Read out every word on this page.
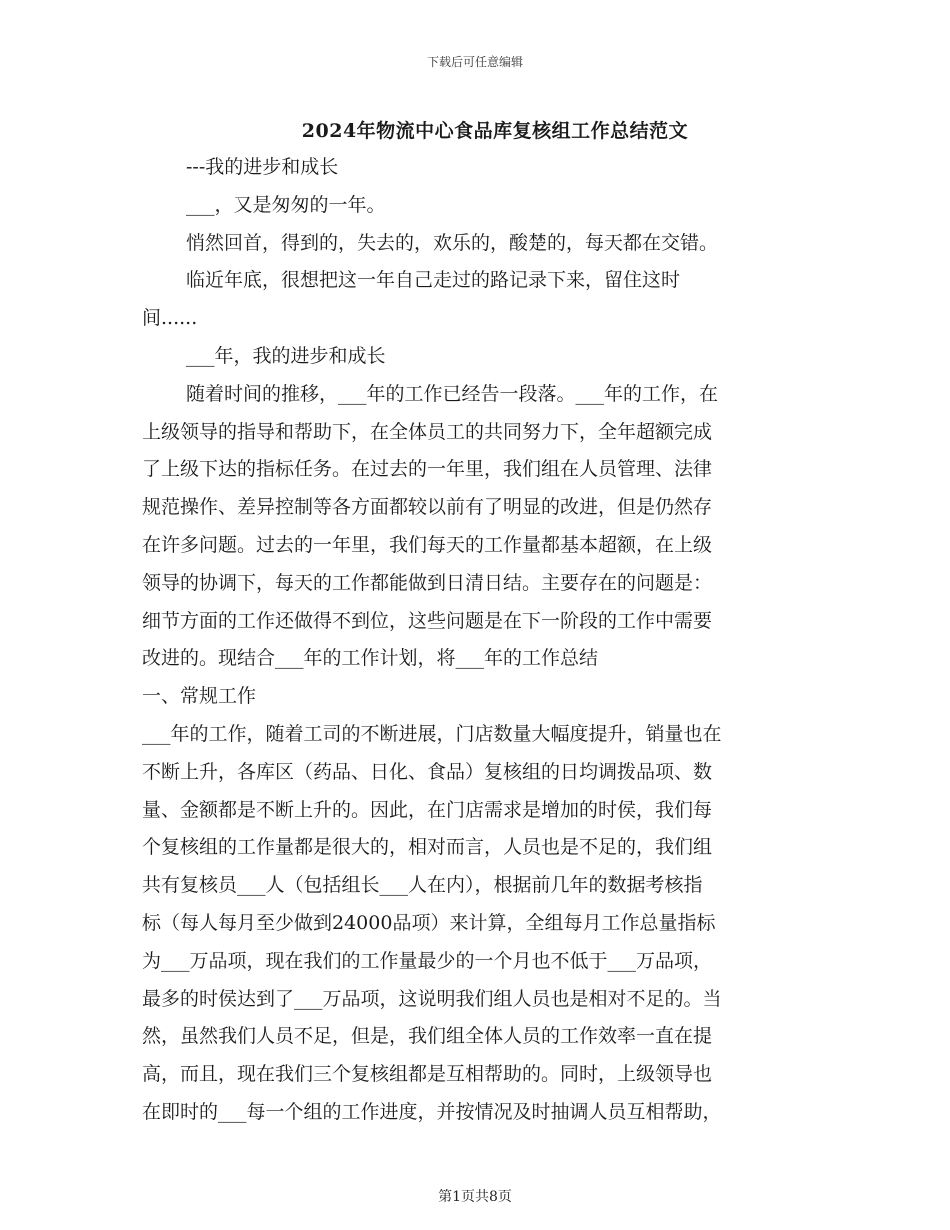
下载后可任意编辑
2024年物流中心食品库复核组工作总结范文
---我的进步和成长
___，又是匆匆的一年。
悄然回首，得到的，失去的，欢乐的，酸楚的，每天都在交错。
临近年底，很想把这一年自己走过的路记录下来，留住这时
间......
___年，我的进步和成长
随着时间的推移，___年的工作已经告一段落。___年的工作，在
上级领导的指导和帮助下，在全体员工的共同努力下，全年超额完成
了上级下达的指标任务。在过去的一年里，我们组在人员管理、法律
规范操作、差异控制等各方面都较以前有了明显的改进，但是仍然存
在许多问题。过去的一年里，我们每天的工作量都基本超额，在上级
领导的协调下，每天的工作都能做到日清日结。主要存在的问题是：
细节方面的工作还做得不到位，这些问题是在下一阶段的工作中需要
改进的。现结合___年的工作计划，将___年的工作总结
一、常规工作
___年的工作，随着工司的不断进展，门店数量大幅度提升，销量也在
不断上升，各库区（药品、日化、食品）复核组的日均调拨品项、数
量、金额都是不断上升的。因此，在门店需求是增加的时侯，我们每
个复核组的工作量都是很大的，相对而言，人员也是不足的，我们组
共有复核员___人（包括组长___人在内），根据前几年的数据考核指
标（每人每月至少做到24000品项）来计算，全组每月工作总量指标
为___万品项，现在我们的工作量最少的一个月也不低于___万品项，
最多的时侯达到了___万品项，这说明我们组人员也是相对不足的。当
然，虽然我们人员不足，但是，我们组全体人员的工作效率一直在提
高，而且，现在我们三个复核组都是互相帮助的。同时，上级领导也
在即时的___每一个组的工作进度，并按情况及时抽调人员互相帮助，
第1页共8页
